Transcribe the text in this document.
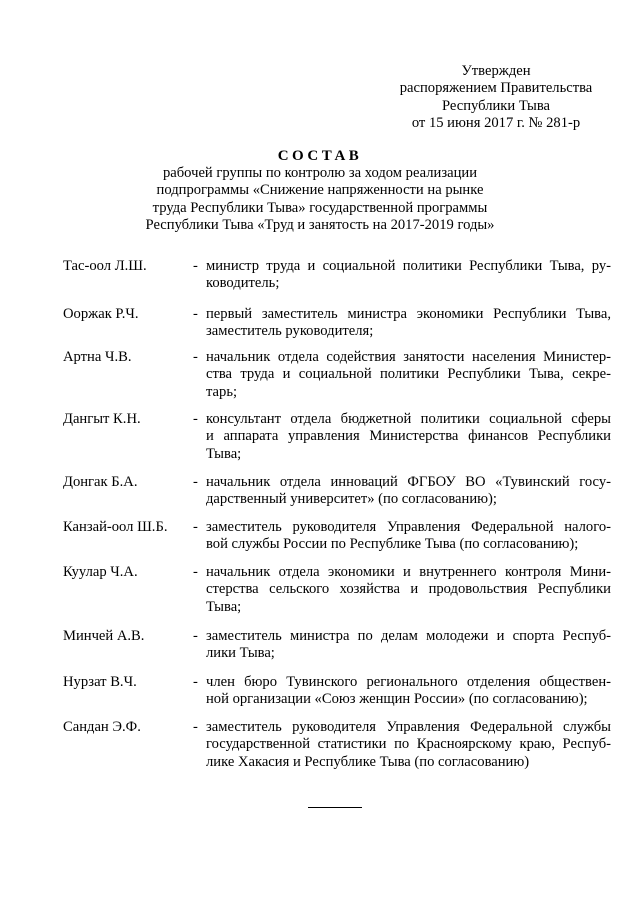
Утвержден
распоряжением Правительства
Республики Тыва
от 15 июня 2017 г. № 281-р
СОСТАВ
рабочей группы по контролю за ходом реализации
подпрограммы «Снижение напряженности на рынке
труда Республики Тыва» государственной программы
Республики Тыва «Труд и занятость на 2017-2019 годы»
Тас-оол Л.Ш.	- министр труда и социальной политики Республики Тыва, ру-
ководитель;
Ооржак Р.Ч.	- первый заместитель министра экономики Республики Тыва,
заместитель руководителя;
Артна Ч.В.	- начальник отдела содействия занятости населения Министер-
ства труда и социальной политики Республики Тыва, секре-
тарь;
Дангыт К.Н.	- консультант отдела бюджетной политики социальной сферы
и аппарата управления Министерства финансов Республики
Тыва;
Донгак Б.А.	- начальник отдела инноваций ФГБОУ ВО «Тувинский госу-
дарственный университет» (по согласованию);
Канзай-оол Ш.Б. - заместитель руководителя Управления Федеральной налого-
вой службы России по Республике Тыва (по согласованию);
Куулар Ч.А.	- начальник отдела экономики и внутреннего контроля Мини-
стерства сельского хозяйства и продовольствия Республики
Тыва;
Минчей А.В.	- заместитель министра по делам молодежи и спорта Респуб-
лики Тыва;
Нурзат В.Ч.	- член бюро Тувинского регионального отделения обществен-
ной организации «Союз женщин России» (по согласованию);
Сандан Э.Ф.	- заместитель руководителя Управления Федеральной службы
государственной статистики по Красноярскому краю, Респуб-
лике Хакасия и Республике Тыва (по согласованию)
